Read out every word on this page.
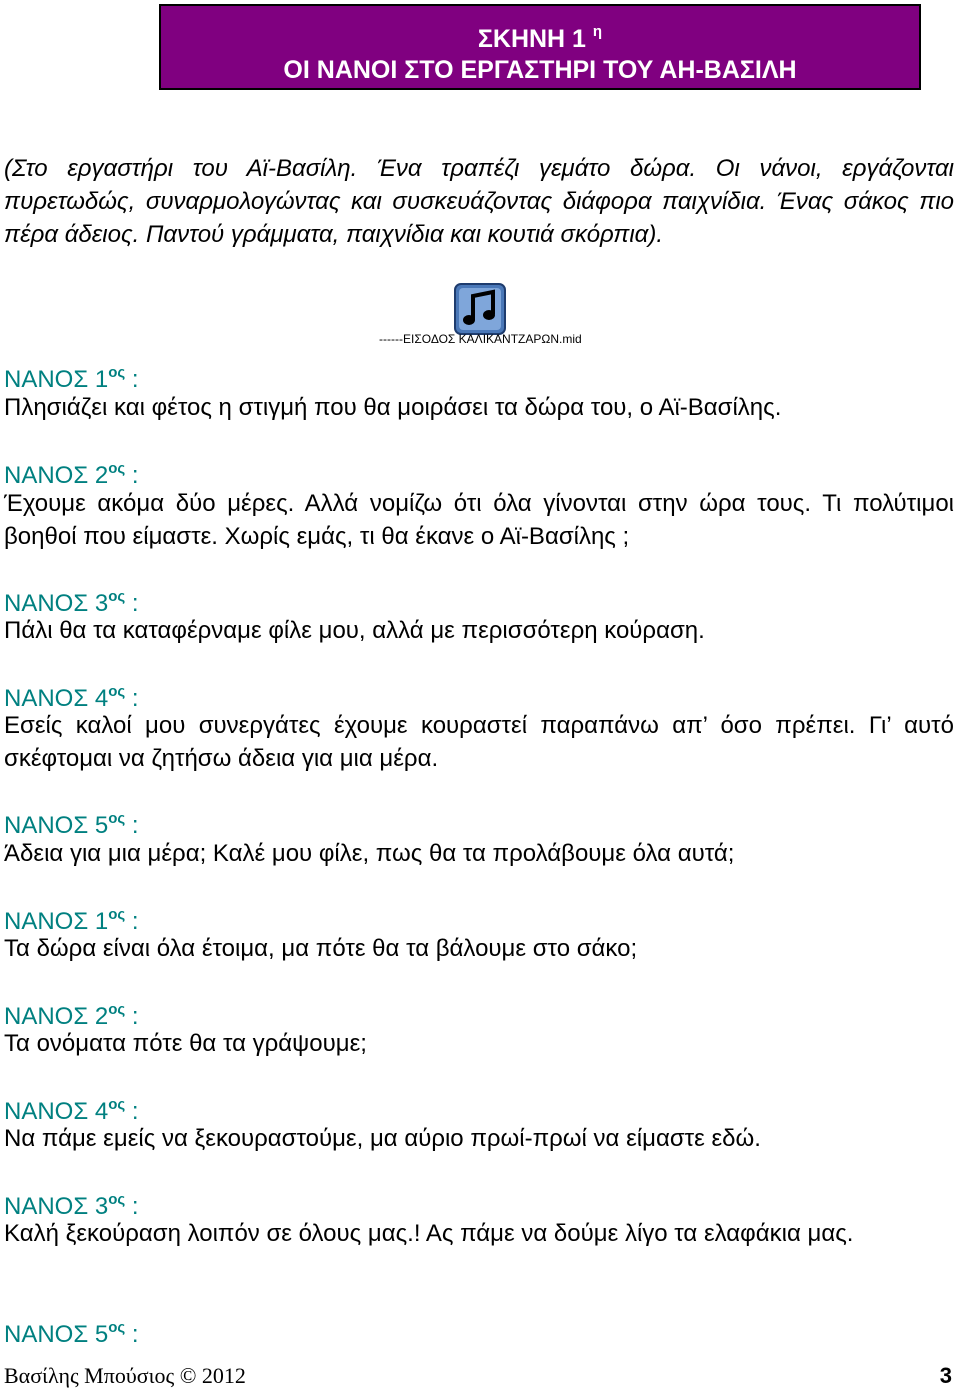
ΣΚΗΝΗ 1 $^\eta$
ΟΙ ΝΑΝΟΙ ΣΤΟ ΕΡΓΑΣΤΗΡΙ ΤΟΥ ΑΗ-ΒΑΣΙΛΗ
(Στο εργαστήρι του Αϊ-Βασίλη. Ένα τραπέζι γεμάτο δώρα. Οι νάνοι, εργάζονται πυρετωδώς, συναρμολογώντας και συσκευάζοντας διάφορα παιχνίδια. Ένας σάκος πιο πέρα άδειος. Παντού γράμματα, παιχνίδια και κουτιά σκόρπια).
------ΕΙΣΟΔΟΣ ΚΑΛΙΚΑΝΤΖΑΡΩΝ.mid
ΝΑΝΟΣ $1^{o\varsigma}$ :
Πλησιάζει και φέτος η στιγμή που θα μοιράσει τα δώρα του, ο Αϊ-Βασίλης.
ΝΑΝΟΣ $2^{o\varsigma}$ :
Έχουμε ακόμα δύο μέρες. Αλλά νομίζω ότι όλα γίνονται στην ώρα τους. Τι πολύτιμοι βοηθοί που είμαστε. Χωρίς εμάς, τι θα έκανε ο Αϊ-Βασίλης ;
ΝΑΝΟΣ $3^{o\varsigma}$ :
Πάλι θα τα καταφέρναμε φίλε μου, αλλά με περισσότερη κούραση.
ΝΑΝΟΣ $4^{o\varsigma}$ :
Εσείς καλοί μου συνεργάτες έχουμε κουραστεί παραπάνω απ’ όσο πρέπει. Γι’ αυτό σκέφτομαι να ζητήσω άδεια για μια μέρα.
ΝΑΝΟΣ $5^{o\varsigma}$ :
Άδεια για μια μέρα; Καλέ μου φίλε, πως θα τα προλάβουμε όλα αυτά;
ΝΑΝΟΣ $1^{o\varsigma}$ :
Τα δώρα είναι όλα έτοιμα, μα πότε θα τα βάλουμε στο σάκο;
ΝΑΝΟΣ $2^{o\varsigma}$ :
Τα ονόματα πότε θα τα γράψουμε;
ΝΑΝΟΣ $4^{o\varsigma}$ :
Να πάμε εμείς να ξεκουραστούμε, μα αύριο πρωί-πρωί να είμαστε εδώ.
ΝΑΝΟΣ $3^{o\varsigma}$ :
Καλή ξεκούραση λοιπόν σε όλους μας.! Ας πάμε να δούμε λίγο τα ελαφάκια μας.
ΝΑΝΟΣ $5^{o\varsigma}$ :
Βασίλης Μπούσιος © 2012	3
